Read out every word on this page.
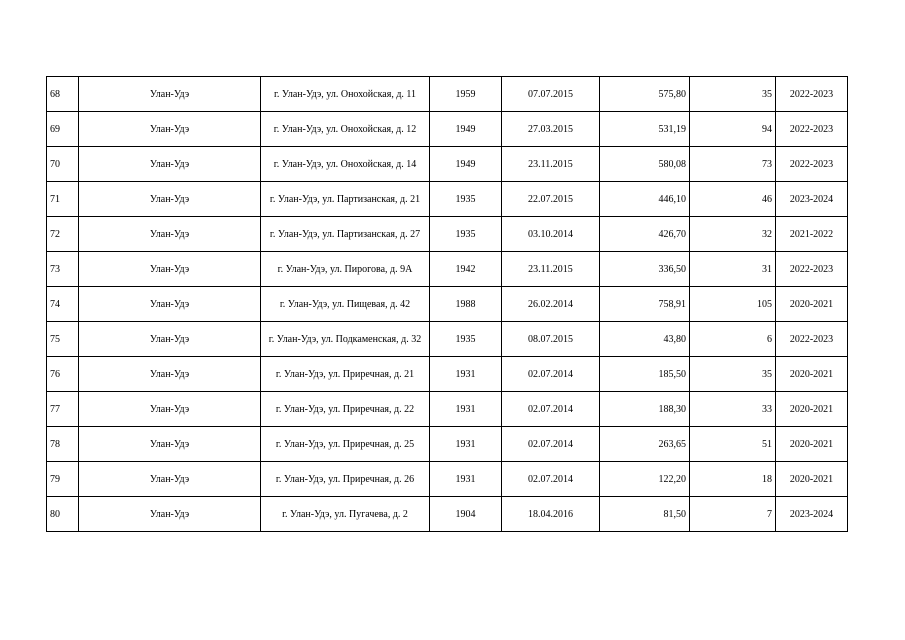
68	Улан-Удэ	г. Улан-Удэ, ул. Онохойская, д. 11	1959	07.07.2015	575,80	35	2022-2023
69	Улан-Удэ	г. Улан-Удэ, ул. Онохойская, д. 12	1949	27.03.2015	531,19	94	2022-2023
70	Улан-Удэ	г. Улан-Удэ, ул. Онохойская, д. 14	1949	23.11.2015	580,08	73	2022-2023
71	Улан-Удэ	г. Улан-Удэ, ул. Партизанская, д. 21	1935	22.07.2015	446,10	46	2023-2024
72	Улан-Удэ	г. Улан-Удэ, ул. Партизанская, д. 27	1935	03.10.2014	426,70	32	2021-2022
73	Улан-Удэ	г. Улан-Удэ, ул. Пирогова, д. 9А	1942	23.11.2015	336,50	31	2022-2023
74	Улан-Удэ	г. Улан-Удэ, ул. Пищевая, д. 42	1988	26.02.2014	758,91	105	2020-2021
75	Улан-Удэ	г. Улан-Удэ, ул. Подкаменская, д. 32	1935	08.07.2015	43,80	6	2022-2023
76	Улан-Удэ	г. Улан-Удэ, ул. Приречная, д. 21	1931	02.07.2014	185,50	35	2020-2021
77	Улан-Удэ	г. Улан-Удэ, ул. Приречная, д. 22	1931	02.07.2014	188,30	33	2020-2021
78	Улан-Удэ	г. Улан-Удэ, ул. Приречная, д. 25	1931	02.07.2014	263,65	51	2020-2021
79	Улан-Удэ	г. Улан-Удэ, ул. Приречная, д. 26	1931	02.07.2014	122,20	18	2020-2021
80	Улан-Удэ	г. Улан-Удэ, ул. Пугачева, д. 2	1904	18.04.2016	81,50	7	2023-2024
